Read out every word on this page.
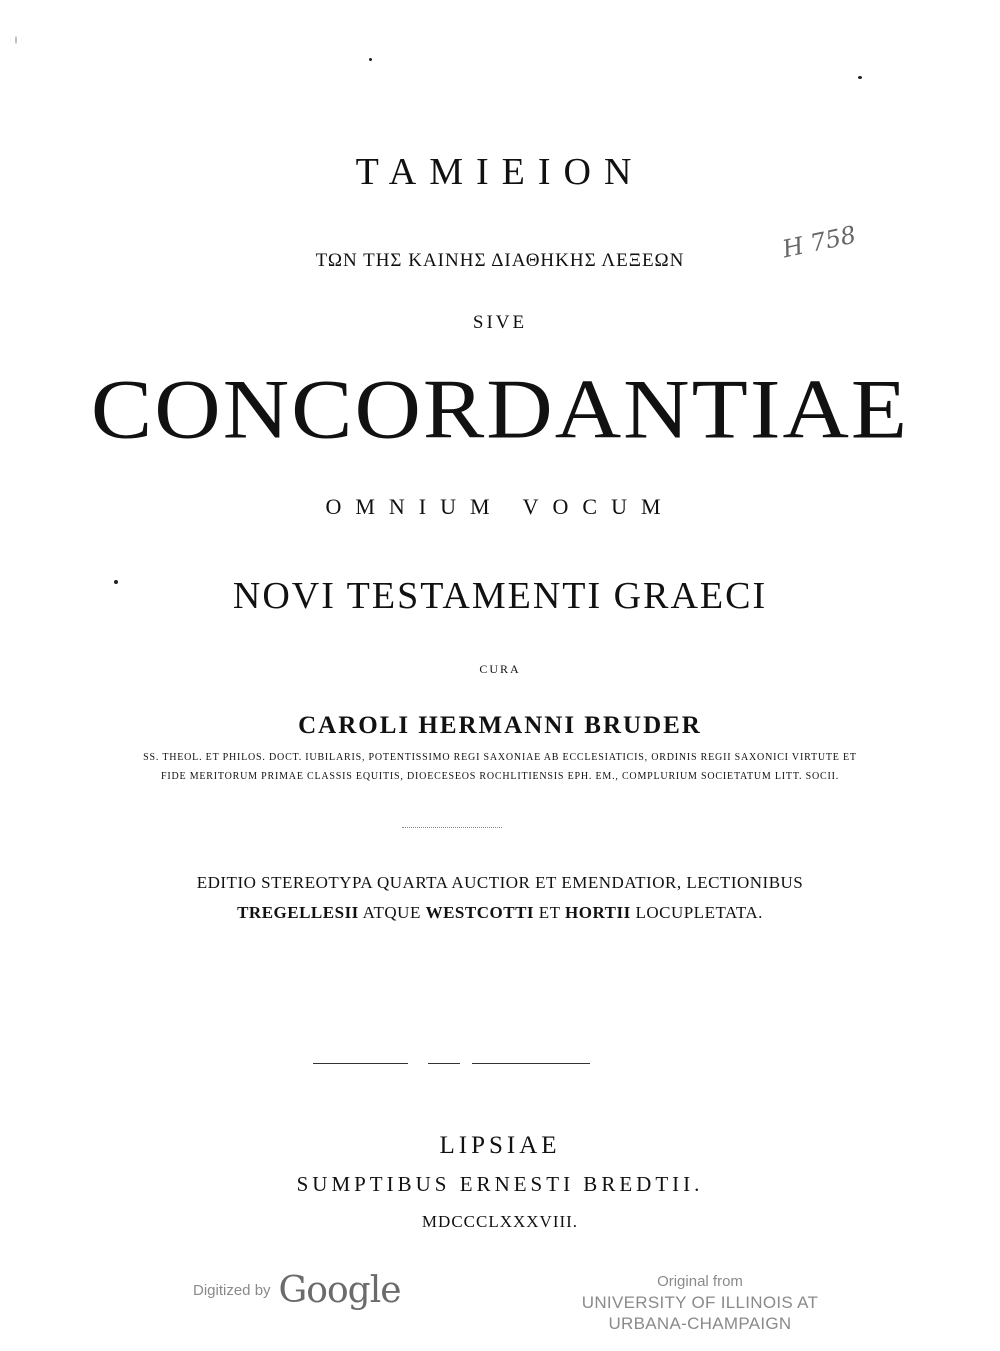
TAMIEION
ΤΩΝ ΤΗΣ ΚΑΙΝΗΣ ΔΙΑΘΗΚΗΣ ΛΕΞΕΩΝ
SIVE
CONCORDANTIAE
OMNIUM VOCUM
NOVI TESTAMENTI GRAECI
CURA
CAROLI HERMANNI BRUDER
SS. THEOL. ET PHILOS. DOCT. IUBILARIS, POTENTISSIMO REGI SAXONIAE AB ECCLESIATICIS, ORDINIS REGII SAXONICI VIRTUTE ET
FIDE MERITORUM PRIMAE CLASSIS EQUITIS, DIOECESEOS ROCHLITIENSIS EPH. EM., COMPLURIUM SOCIETATUM LITT. SOCII.
EDITIO STEREOTYPA QUARTA AUCTIOR ET EMENDATIOR, LECTIONIBUS
TREGELLESII ATQUE WESTCOTTI ET HORTII LOCUPLETATA.
LIPSIAE
SUMPTIBUS ERNESTI BREDTII.
MDCCCLXXXVIII.
H 758
Digitized by Google	Original from
UNIVERSITY OF ILLINOIS AT
URBANA-CHAMPAIGN
